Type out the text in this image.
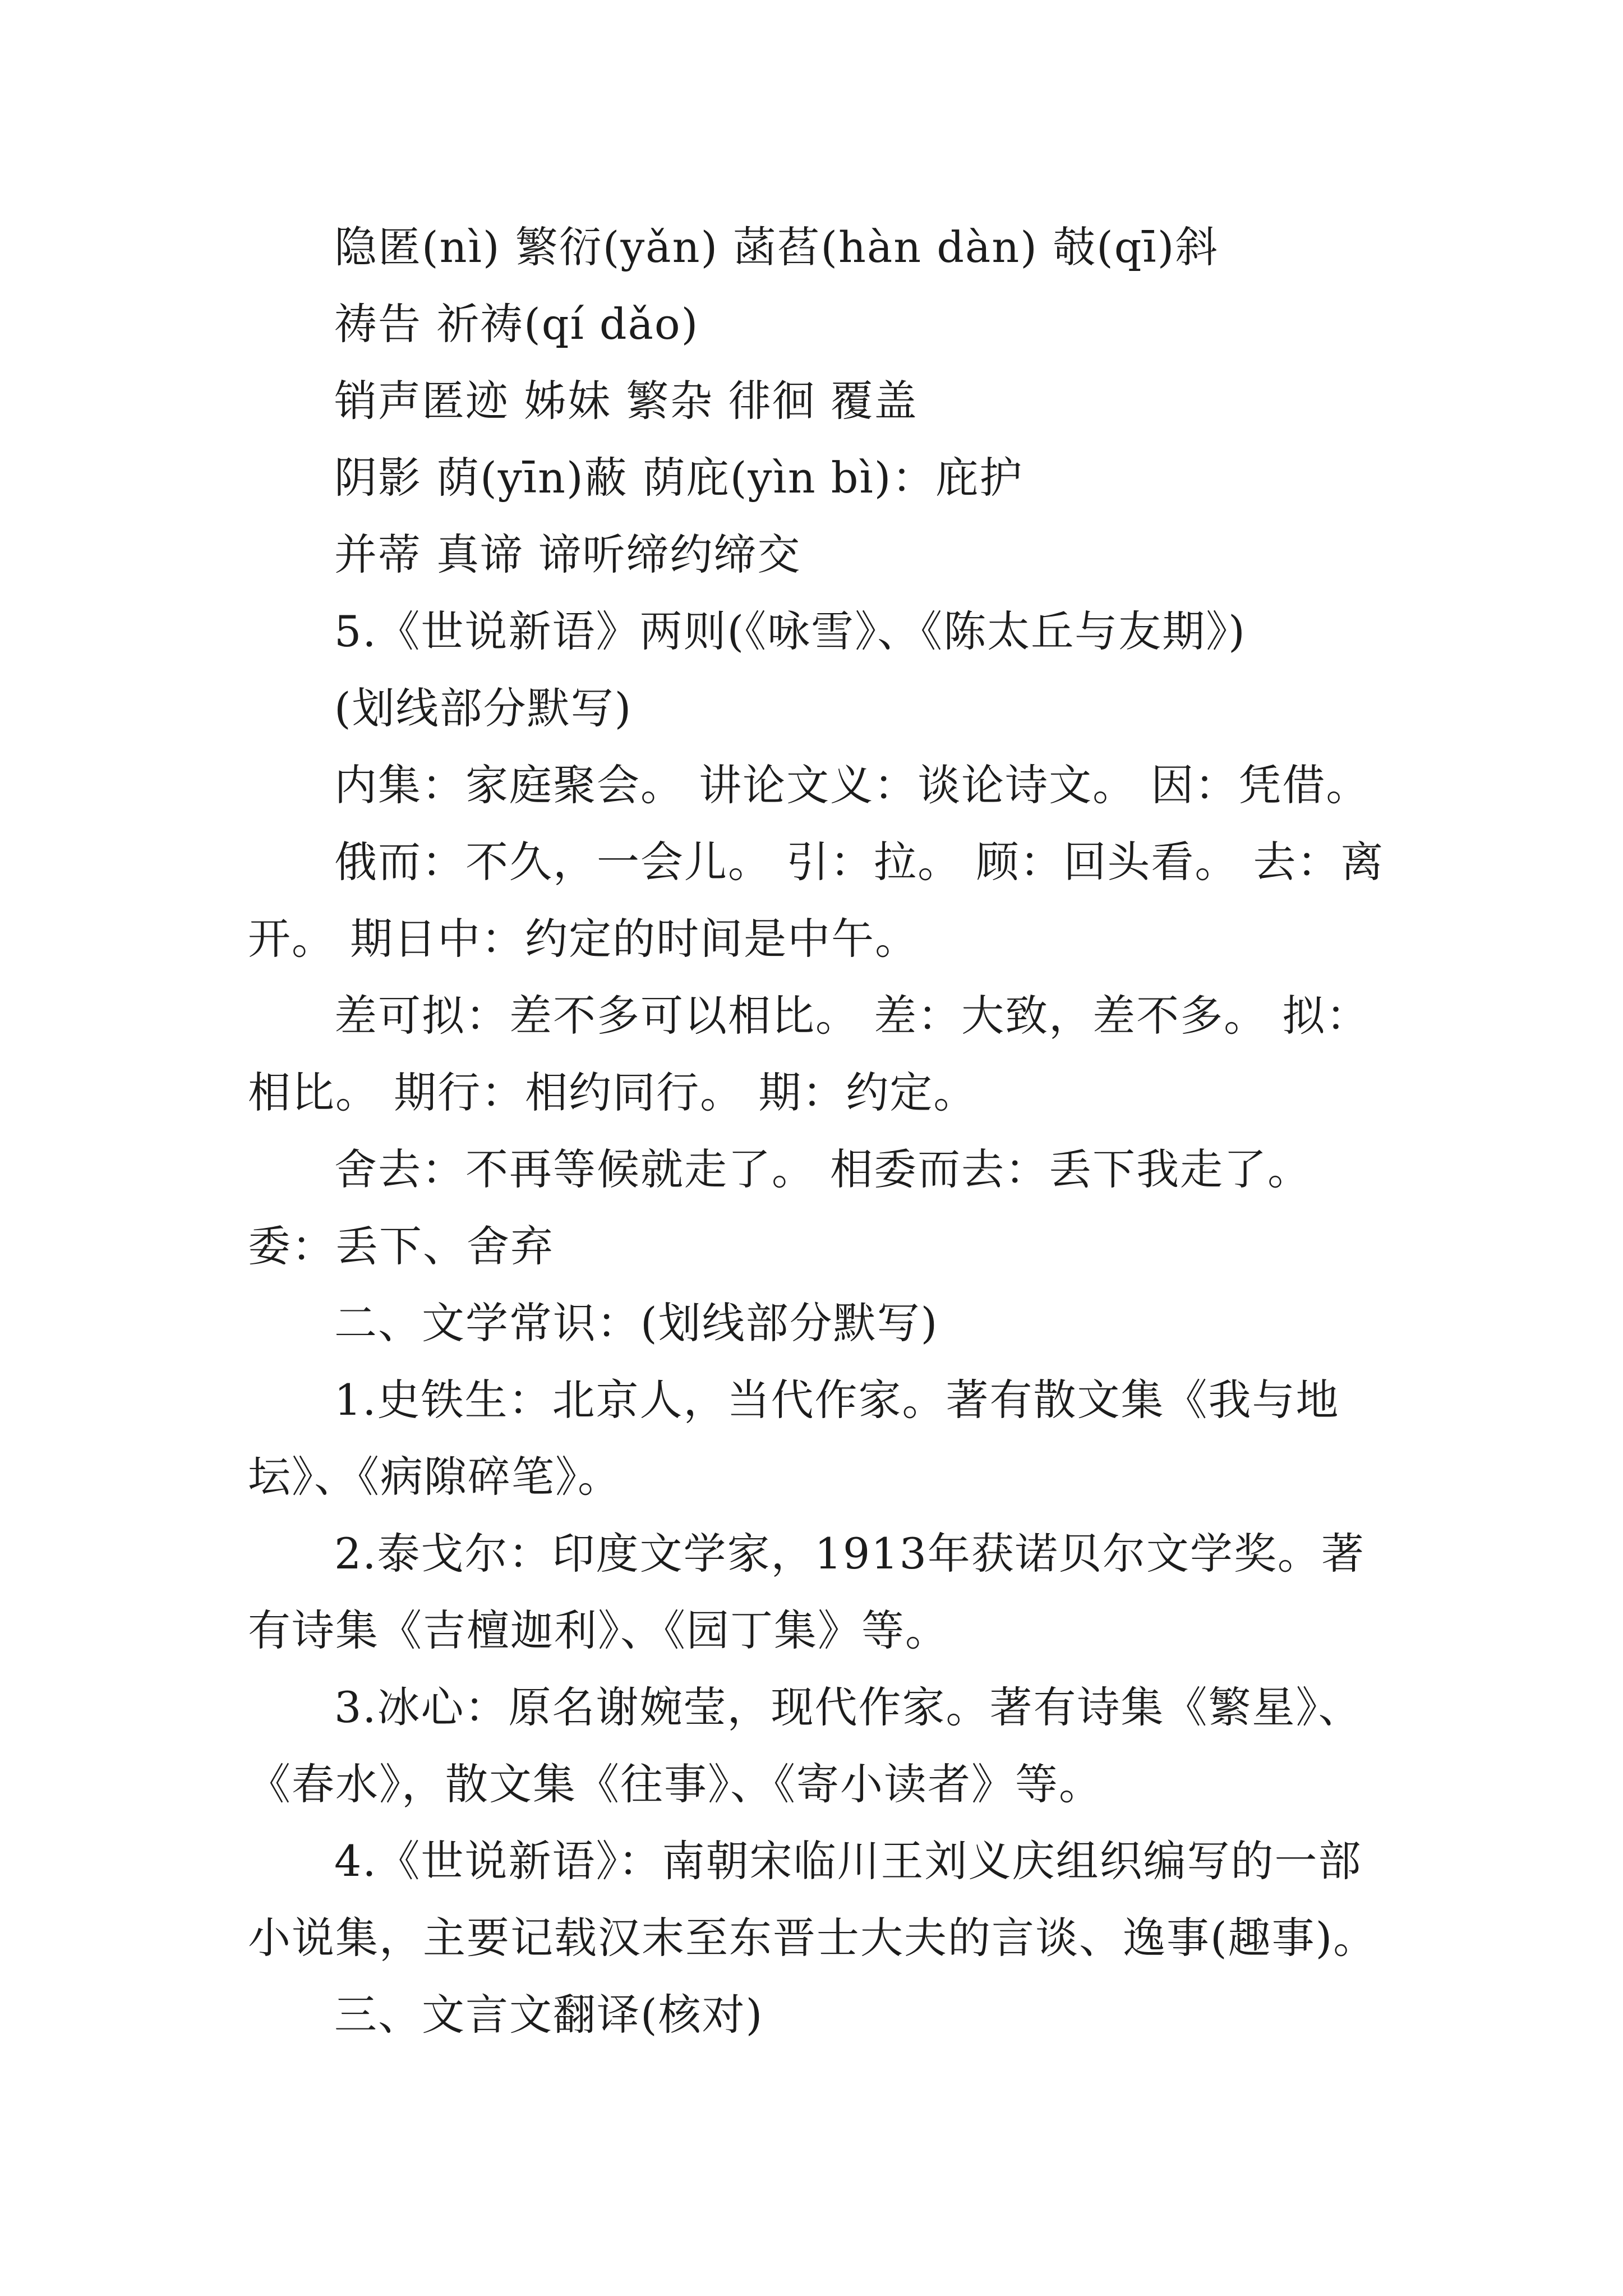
隐匿(nì) 繁衍(yǎn) 菡萏(hàn dàn) 攲(qī)斜
祷告 祈祷(qí dǎo)
销声匿迹 姊妹 繁杂 徘徊 覆盖
阴影 荫(yīn)蔽 荫庇(yìn bì)：庇护
并蒂 真谛 谛听缔约缔交
5.《世说新语》两则(《咏雪》、《陈太丘与友期》)
(划线部分默写)
内集：家庭聚会。 讲论文义：谈论诗文。 因：凭借。
俄而：不久，一会儿。 引：拉。 顾：回头看。 去：离开。 期日中：约定的时间是中午。
差可拟：差不多可以相比。 差：大致，差不多。 拟：相比。 期行：相约同行。 期：约定。
舍去：不再等候就走了。 相委而去：丢下我走了。 委：丢下、舍弃
二、文学常识：(划线部分默写)
1.史铁生：北京人，当代作家。著有散文集《我与地坛》、《病隙碎笔》。
2.泰戈尔：印度文学家，1913年获诺贝尔文学奖。著有诗集《吉檀迦利》、《园丁集》等。
3.冰心：原名谢婉莹，现代作家。著有诗集《繁星》、《春水》，散文集《往事》、《寄小读者》等。
4.《世说新语》：南朝宋临川王刘义庆组织编写的一部小说集，主要记载汉末至东晋士大夫的言谈、逸事(趣事)。
三、文言文翻译(核对)
